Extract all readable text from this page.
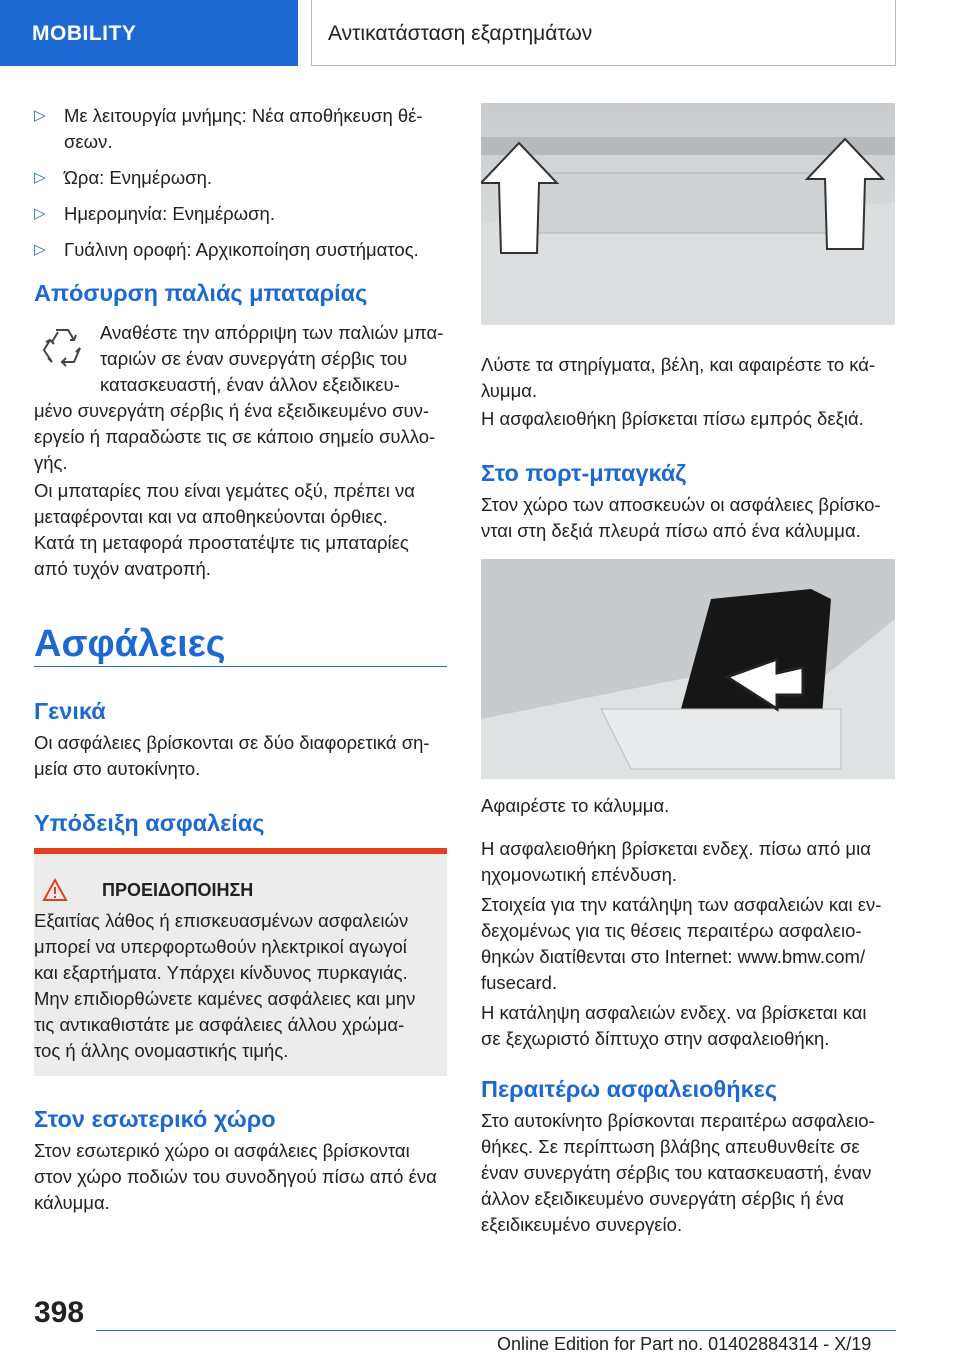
MOBILITY	Αντικατάσταση εξαρτημάτων

▷ Με λειτουργία μνήμης: Νέα αποθήκευση θέ-

σεων.

▷ Ώρα: Ενημέρωση.

▷ Ημερομηνία: Ενημέρωση.

▷ Γυάλινη οροφή: Αρχικοποίηση συστήματος.

Απόσυρση παλιάς μπαταρίας

Αναθέστε την απόρριψη των παλιών μπα-

ταριών σε έναν συνεργάτη σέρβις του

κατασκευαστή, έναν άλλον εξειδικευ-

μένο συνεργάτη σέρβις ή ένα εξειδικευμένο συν-

εργείο ή παραδώστε τις σε κάποιο σημείο συλλο-

γής.

Οι μπαταρίες που είναι γεμάτες οξύ, πρέπει να

μεταφέρονται και να αποθηκεύονται όρθιες.

Κατά τη μεταφορά προστατέψτε τις μπαταρίες

από τυχόν ανατροπή.

Ασφάλειες
Γενικά

Οι ασφάλειες βρίσκονται σε δύο διαφορετικά ση-

μεία στο αυτοκίνητο.

Υπόδειξη ασφαλείας
ΠΡΟΕΙΔΟΠΟΙΗΣΗ

Εξαιτίας λάθος ή επισκευασμένων ασφαλειών

μπορεί να υπερφορτωθούν ηλεκτρικοί αγωγοί

και εξαρτήματα. Υπάρχει κίνδυνος πυρκαγιάς.

Μην επιδιορθώνετε καμένες ασφάλειες και μην

τις αντικαθιστάτε με ασφάλειες άλλου χρώμα-

τος ή άλλης ονομαστικής τιμής.

Στον εσωτερικό χώρο

Στον εσωτερικό χώρο οι ασφάλειες βρίσκονται

στον χώρο ποδιών του συνοδηγού πίσω από ένα

κάλυμμα.

Λύστε τα στηρίγματα, βέλη, και αφαιρέστε το κά-

λυμμα.

Η ασφαλειοθήκη βρίσκεται πίσω εμπρός δεξιά.

Στο πορτ-μπαγκάζ

Στον χώρο των αποσκευών οι ασφάλειες βρίσκο-

νται στη δεξιά πλευρά πίσω από ένα κάλυμμα.

Αφαιρέστε το κάλυμμα.

Η ασφαλειοθήκη βρίσκεται ενδεχ. πίσω από μια

ηχομονωτική επένδυση.

Στοιχεία για την κατάληψη των ασφαλειών και εν-

δεχομένως για τις θέσεις περαιτέρω ασφαλειο-

θηκών διατίθενται στο Internet: www.bmw.com/

fusecard.

Η κατάληψη ασφαλειών ενδεχ. να βρίσκεται και

σε ξεχωριστό δίπτυχο στην ασφαλειοθήκη.

Περαιτέρω ασφαλειοθήκες

Στο αυτοκίνητο βρίσκονται περαιτέρω ασφαλειο-

θήκες. Σε περίπτωση βλάβης απευθυνθείτε σε

έναν συνεργάτη σέρβις του κατασκευαστή, έναν

άλλον εξειδικευμένο συνεργάτη σέρβις ή ένα

εξειδικευμένο συνεργείο.

398
Online Edition for Part no. 01402884314 - X/19
